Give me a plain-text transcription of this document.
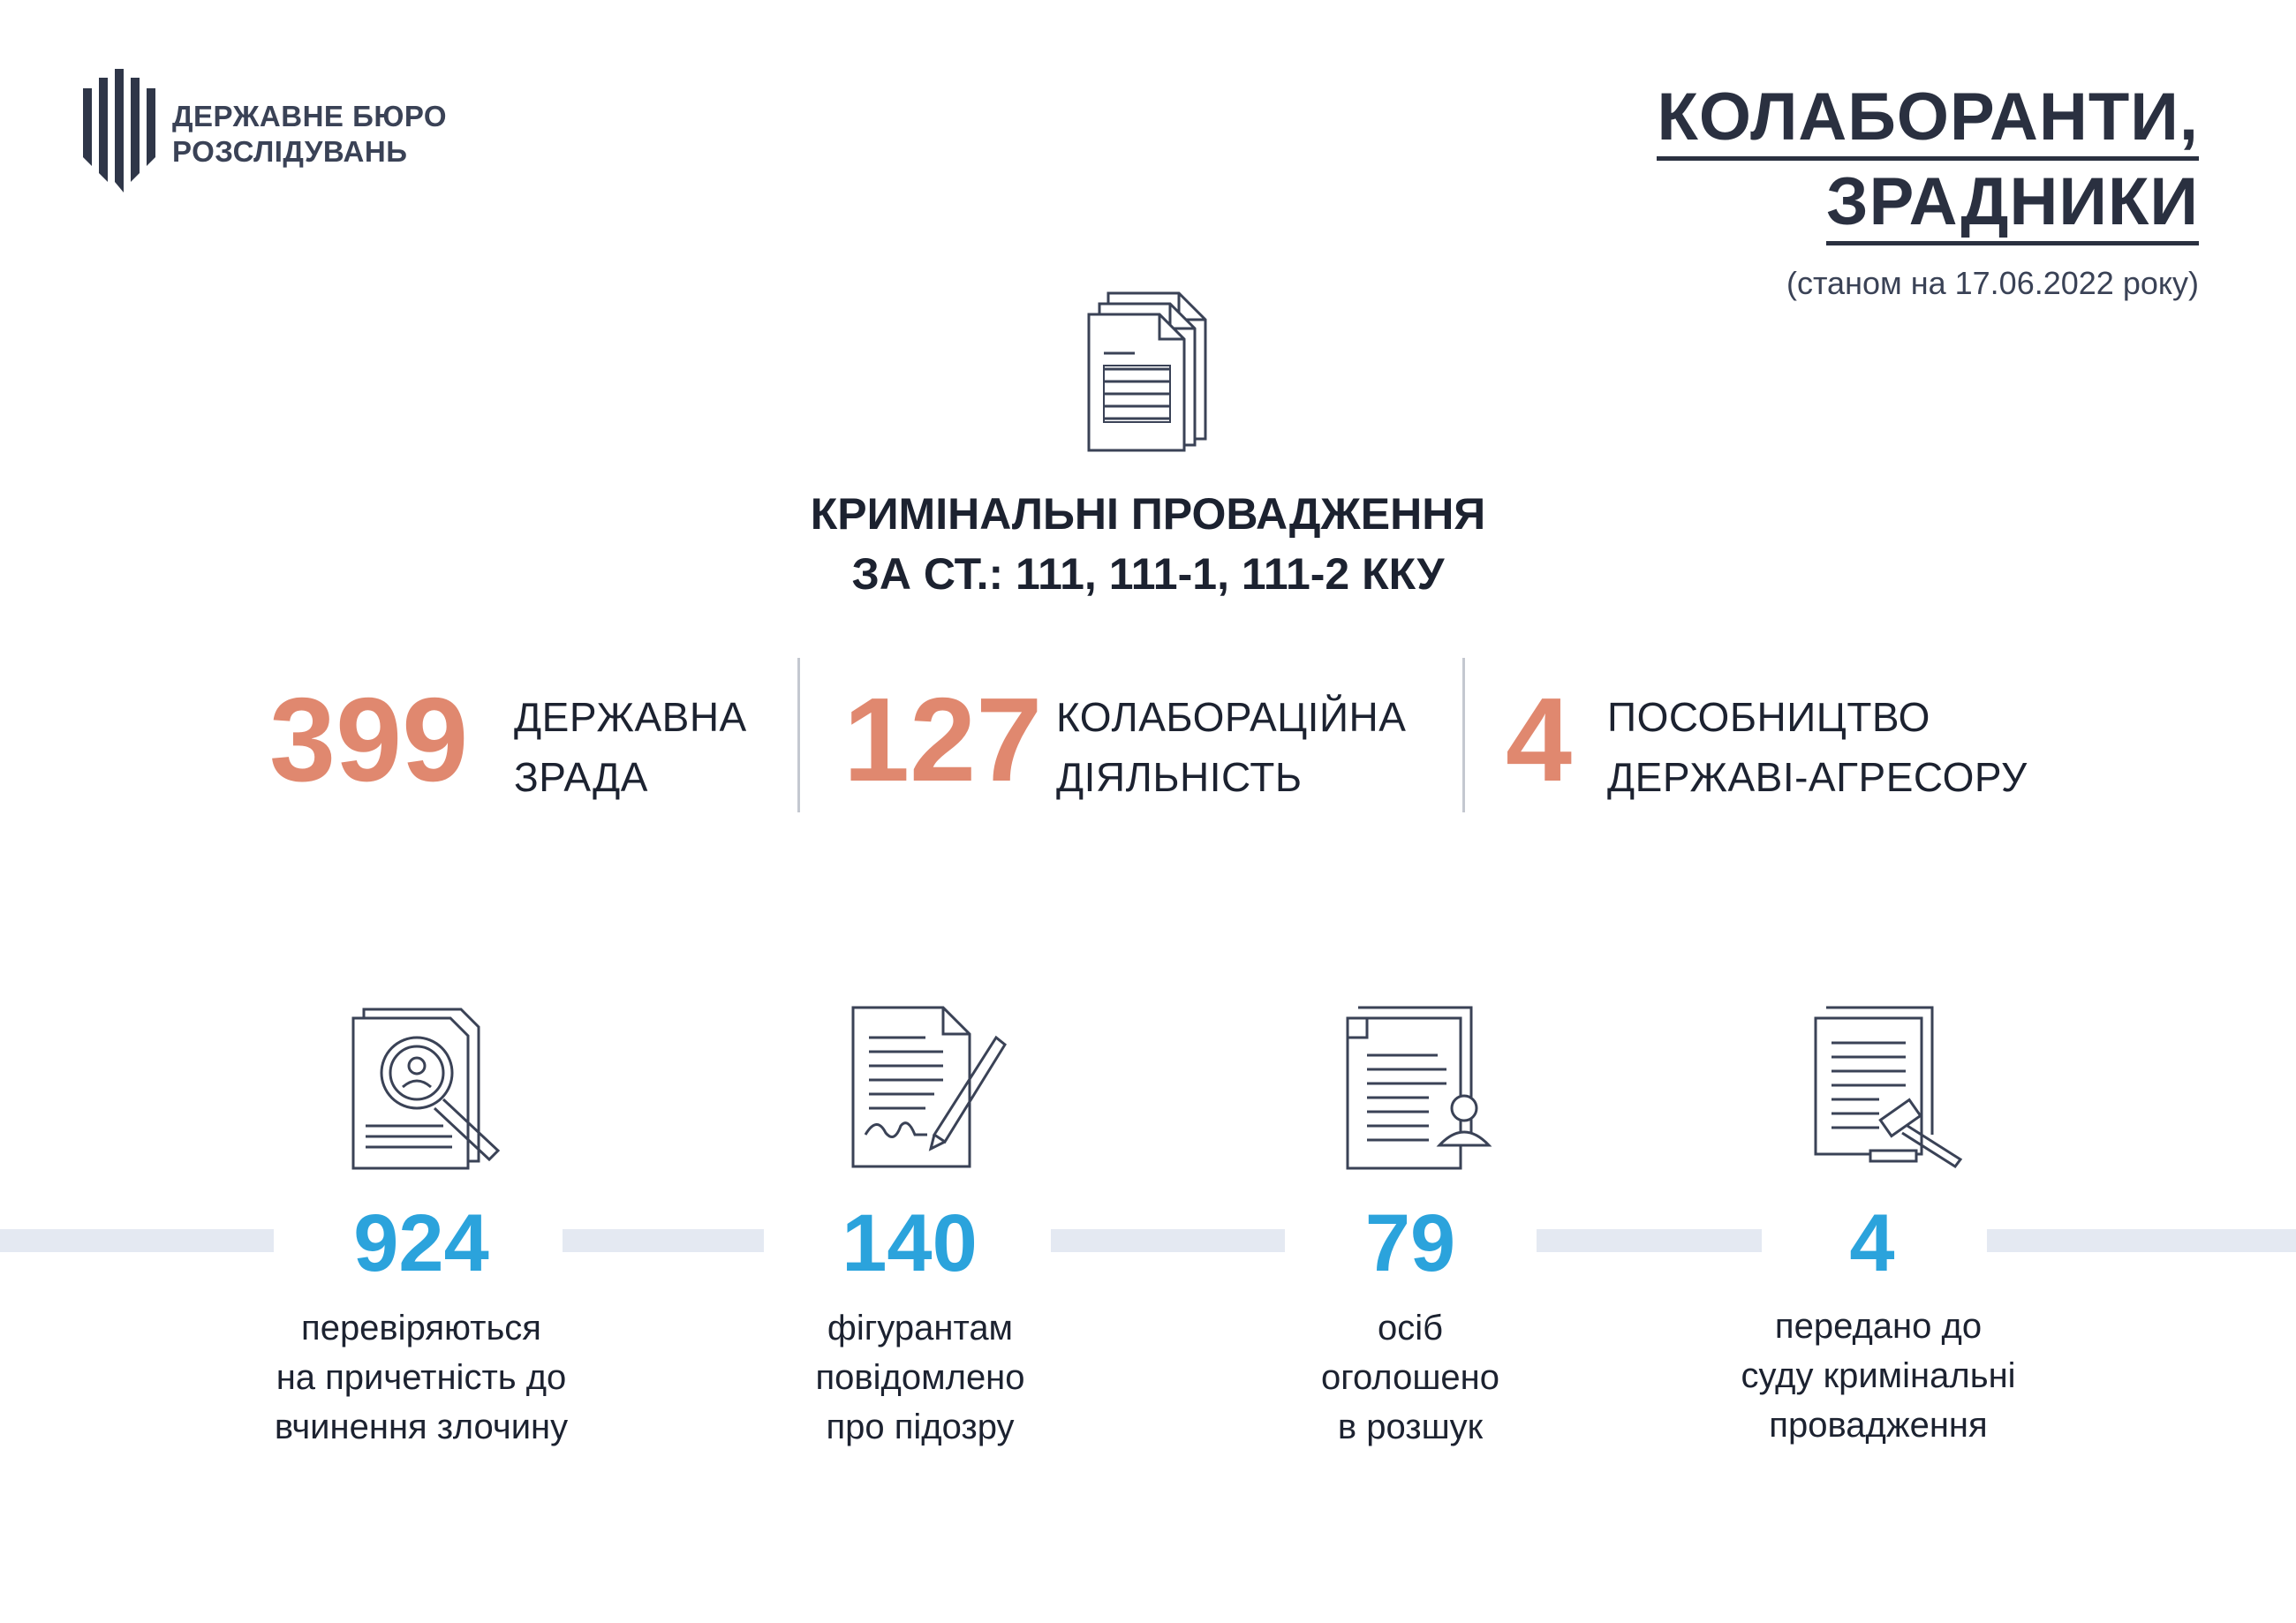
ДЕРЖАВНЕ БЮРО
РОЗСЛІДУВАНЬ	КОЛАБОРАНТИ,
ЗРАДНИКИ
(станом на 17.06.2022 року)
КРИМІНАЛЬНІ ПРОВАДЖЕННЯ
ЗА СТ.: 111, 111-1, 111-2 ККУ
399 ДЕРЖАВНА
ЗРАДА	127 КОЛАБОРАЦІЙНА
ДІЯЛЬНІСТЬ	4 ПОСОБНИЦТВО
ДЕРЖАВІ-АГРЕСОРУ
924	140	79	4
перевіряються
на причетність до
вчинення злочину
фігурантам
повідомлено
про підозру
осіб
оголошено
в розшук
передано до
суду кримінальні
провадження
